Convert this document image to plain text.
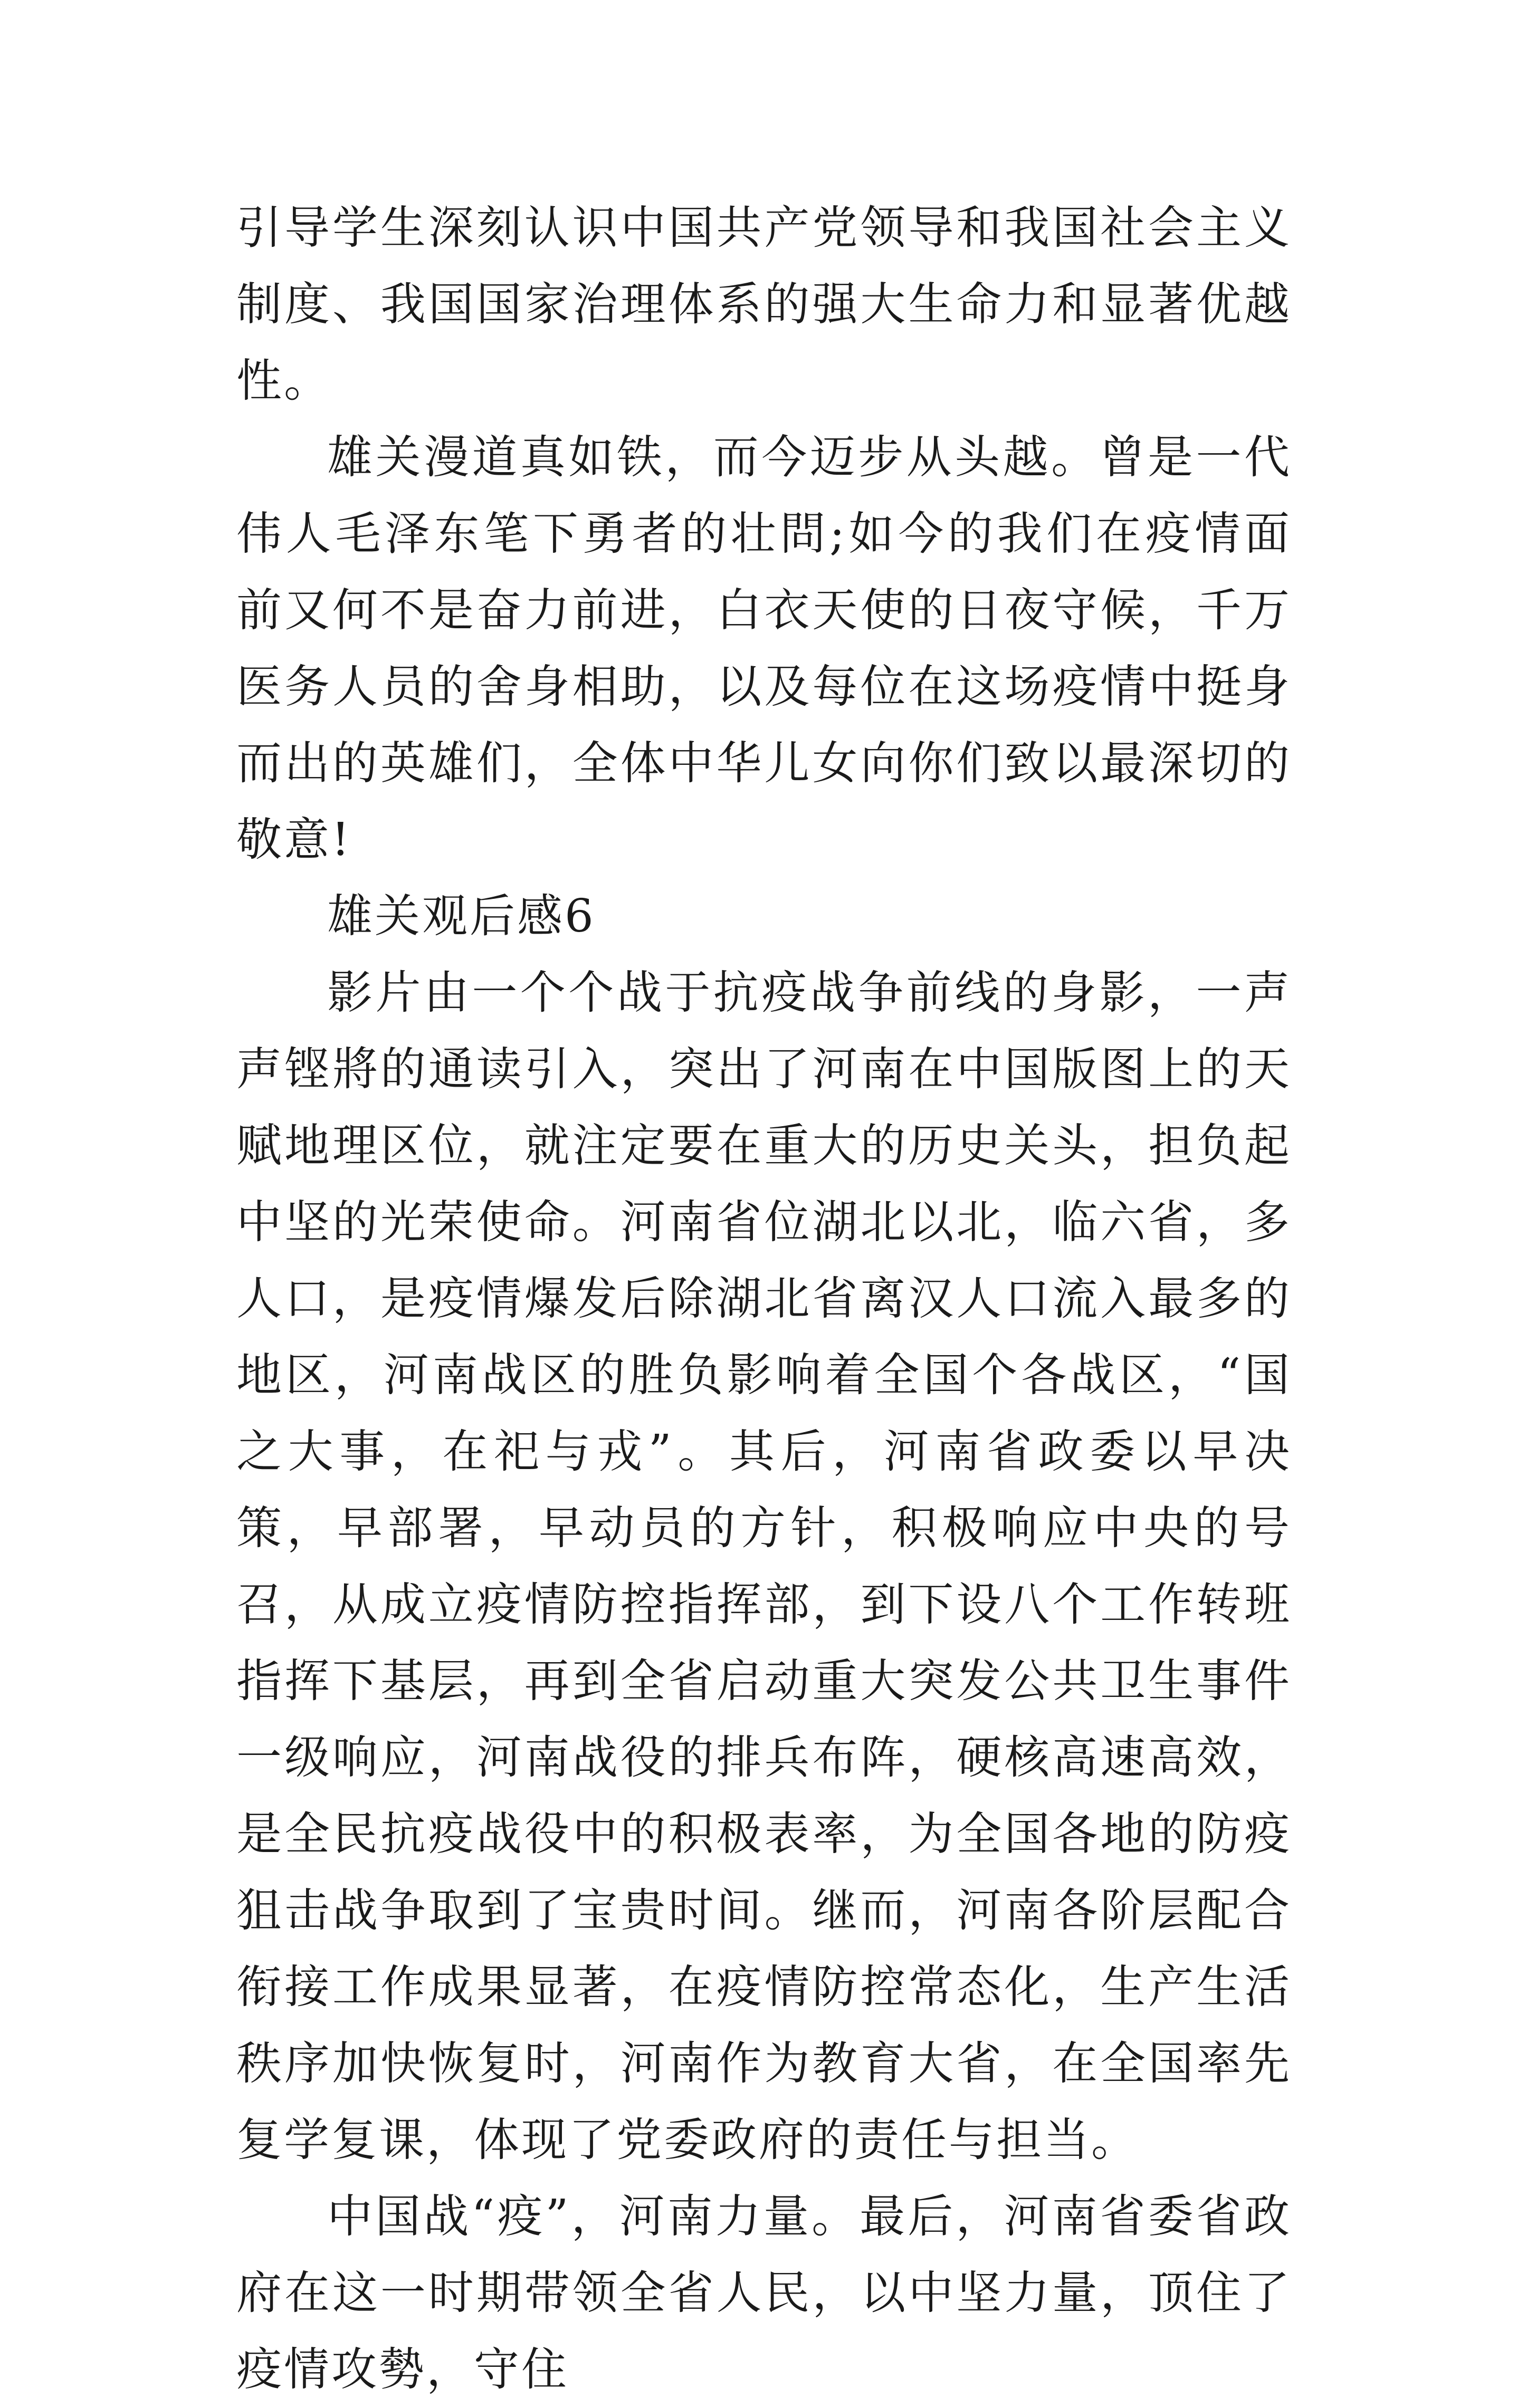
引导学生深刻认识中国共产党领导和我国社会主义制度、我国国家治理体系的强大生命力和显著优越性。

雄关漫道真如铁，而今迈步从头越。曾是一代伟人毛泽东笔下勇者的壮問;如今的我们在疫情面前又何不是奋力前进，白衣天使的日夜守候，千万医务人员的舍身相助，以及每位在这场疫情中挺身而出的英雄们，全体中华儿女向你们致以最深切的敬意!

雄关观后感6

影片由一个个战于抗疫战争前线的身影，一声声铿將的通读引入，突出了河南在中国版图上的天赋地理区位，就注定要在重大的历史关头，担负起中坚的光荣使命。河南省位湖北以北，临六省，多人口，是疫情爆发后除湖北省离汉人口流入最多的地区，河南战区的胜负影响着全国个各战区，“国之大事，在祀与戎”。其后，河南省政委以早决策，早部署，早动员的方针，积极响应中央的号召，从成立疫情防控指挥部，到下设八个工作转班指挥下基层，再到全省启动重大突发公共卫生事件一级响应，河南战役的排兵布阵，硬核高速高效，是全民抗疫战役中的积极表率，为全国各地的防疫狙击战争取到了宝贵时间。继而，河南各阶层配合衔接工作成果显著，在疫情防控常态化，生产生活秩序加快恢复时，河南作为教育大省，在全国率先复学复课，体现了党委政府的责任与担当。

中国战“疫”，河南力量。最后，河南省委省政府在这一时期带领全省人民，以中坚力量，顶住了疫情攻勢，守住
